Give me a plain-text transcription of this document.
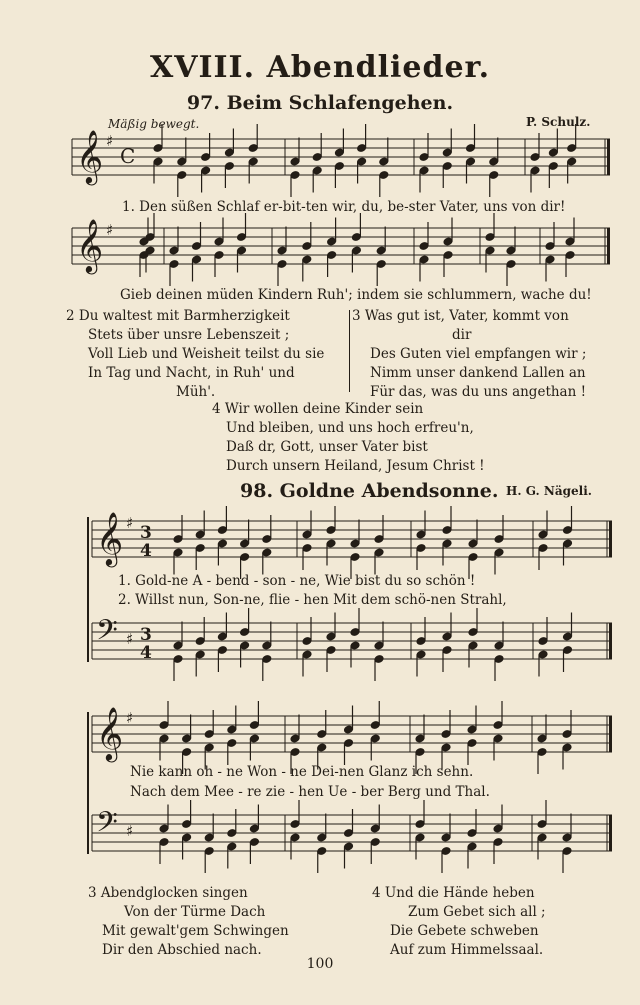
XVIII. Abendlieder.
97. Beim Schlafengehen.
Mäßig bewegt.	P. Schulz.
𝄞 ♯
C
𝄞 ♯
𝄞 ♯ 3
4
𝄢 ♯ 3
4
𝄞 ♯
𝄢 ♯
1. Den süßen Schlaf er-bit-ten wir, du, be-ster Vater, uns von dir!
Gieb deinen müden Kindern Ruh'; indem sie schlummern, wache du!
2 Du waltest mit Barmherzigkeit
Stets über unsre Lebenszeit ;
Voll Lieb und Weisheit teilst du sie
In Tag und Nacht, in Ruh' und
Müh'.
3 Was gut ist, Vater, kommt von
dir
Des Guten viel empfangen wir ;
Nimm unser dankend Lallen an
Für das, was du uns angethan !
4 Wir wollen deine Kinder sein
Und bleiben, und uns hoch erfreu'n,
Daß dr, Gott, unser Vater bist
Durch unsern Heiland, Jesum Christ !
98. Goldne Abendsonne. H. G. Nägeli.
1. Gold-ne A - bend - son - ne, Wie bist du so schön !
2. Willst nun, Son-ne, flie - hen Mit dem schö-nen Strahl,
Nie kann oh - ne Won - ne Dei-nen Glanz ich sehn.
Nach dem Mee - re zie - hen Ue - ber Berg und Thal.
3 Abendglocken singen
Von der Türme Dach
Mit gewalt'gem Schwingen
Dir den Abschied nach.
4 Und die Hände heben
Zum Gebet sich all ;
Die Gebete schweben
Auf zum Himmelssaal.
100
